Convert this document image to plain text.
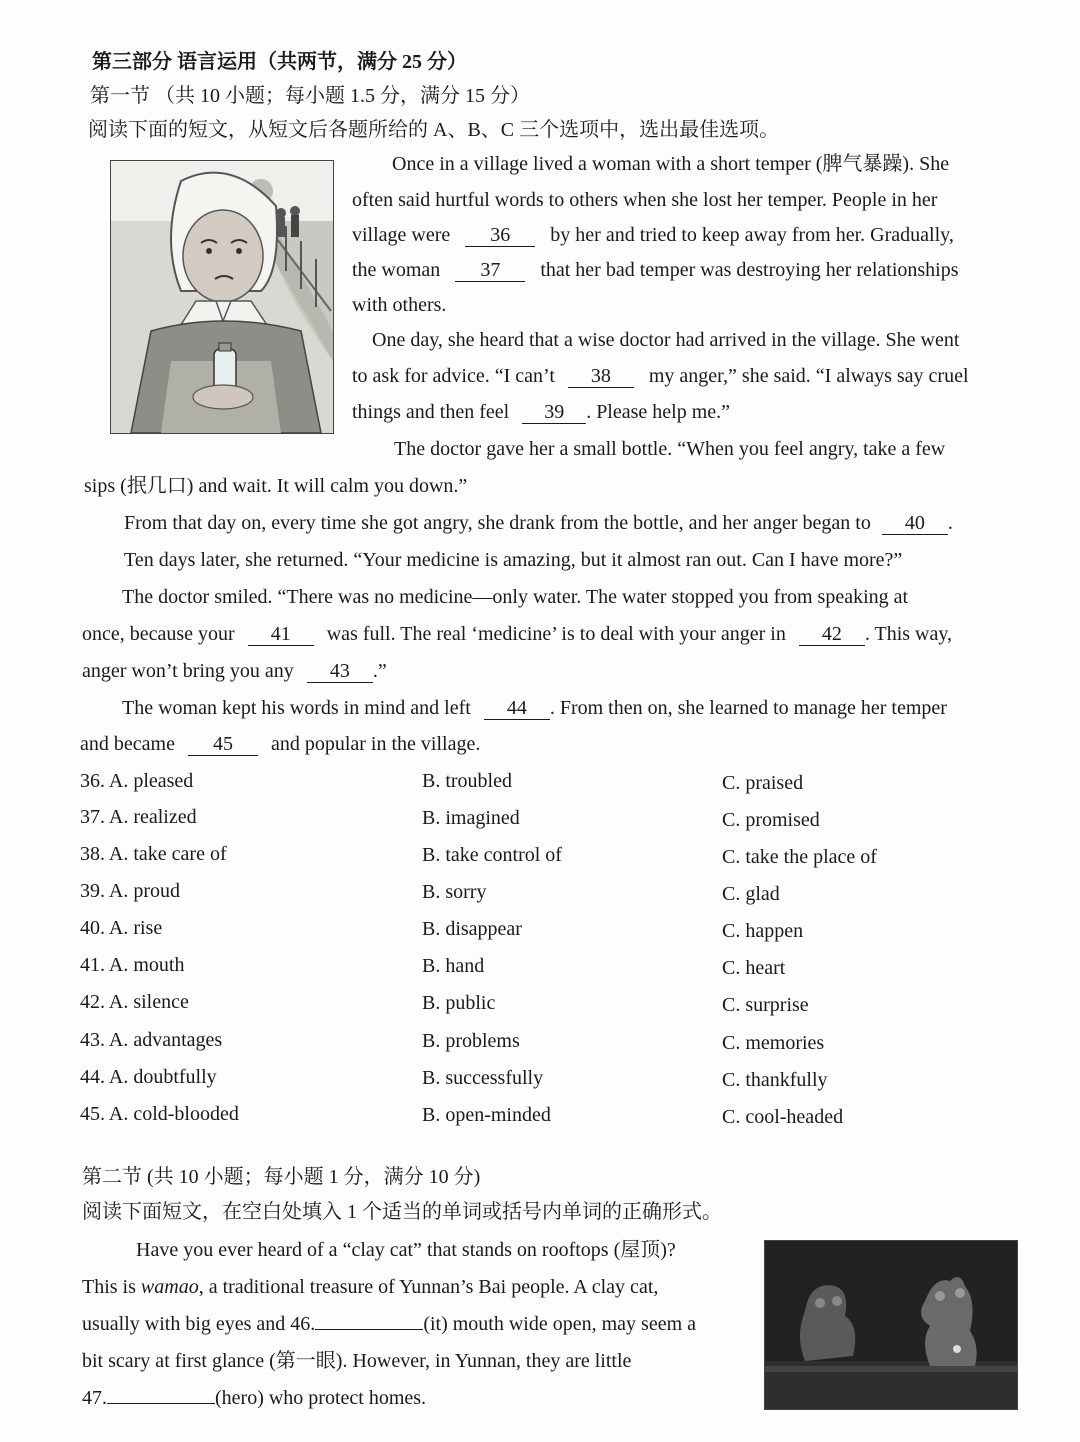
第三部分 语言运用（共两节，满分 25 分）
第一节 （共 10 小题；每小题 1.5 分，满分 15 分）
阅读下面的短文，从短文后各题所给的 A、B、C 三个选项中，选出最佳选项。
Once in a village lived a woman with a short temper (脾气暴躁). She
often said hurtful words to others when she lost her temper. People in her
village were 36 by her and tried to keep away from her. Gradually,
the woman 37 that her bad temper was destroying her relationships
with others.
One day, she heard that a wise doctor had arrived in the village. She went
to ask for advice. “I can’t 38 my anger,” she said. “I always say cruel
things and then feel 39 . Please help me.”
The doctor gave her a small bottle. “When you feel angry, take a few
sips (抿几口) and wait. It will calm you down.”
From that day on, every time she got angry, she drank from the bottle, and her anger began to 40 .
Ten days later, she returned. “Your medicine is amazing, but it almost ran out. Can I have more?”
The doctor smiled. “There was no medicine—only water. The water stopped you from speaking at
once, because your 41 was full. The real ‘medicine’ is to deal with your anger in 42 . This way,
anger won’t bring you any 43 .”
The woman kept his words in mind and left 44 . From then on, she learned to manage her temper
and became 45 and popular in the village.
36. A. pleased	B. troubled	C. praised
37. A. realized	B. imagined	C. promised
38. A. take care of	B. take control of	C. take the place of
39. A. proud	B. sorry	C. glad
40. A. rise	B. disappear	C. happen
41. A. mouth	B. hand	C. heart
42. A. silence	B. public	C. surprise
43. A. advantages	B. problems	C. memories
44. A. doubtfully	B. successfully	C. thankfully
45. A. cold-blooded	B. open-minded	C. cool-headed
第二节 (共 10 小题；每小题 1 分，满分 10 分)
阅读下面短文，在空白处填入 1 个适当的单词或括号内单词的正确形式。
Have you ever heard of a “clay cat” that stands on rooftops (屋顶)?
This is wamao, a traditional treasure of Yunnan’s Bai people. A clay cat,
usually with big eyes and 46.	(it) mouth wide open, may seem a
bit scary at first glance (第一眼). However, in Yunnan, they are little
47.	(hero) who protect homes.
